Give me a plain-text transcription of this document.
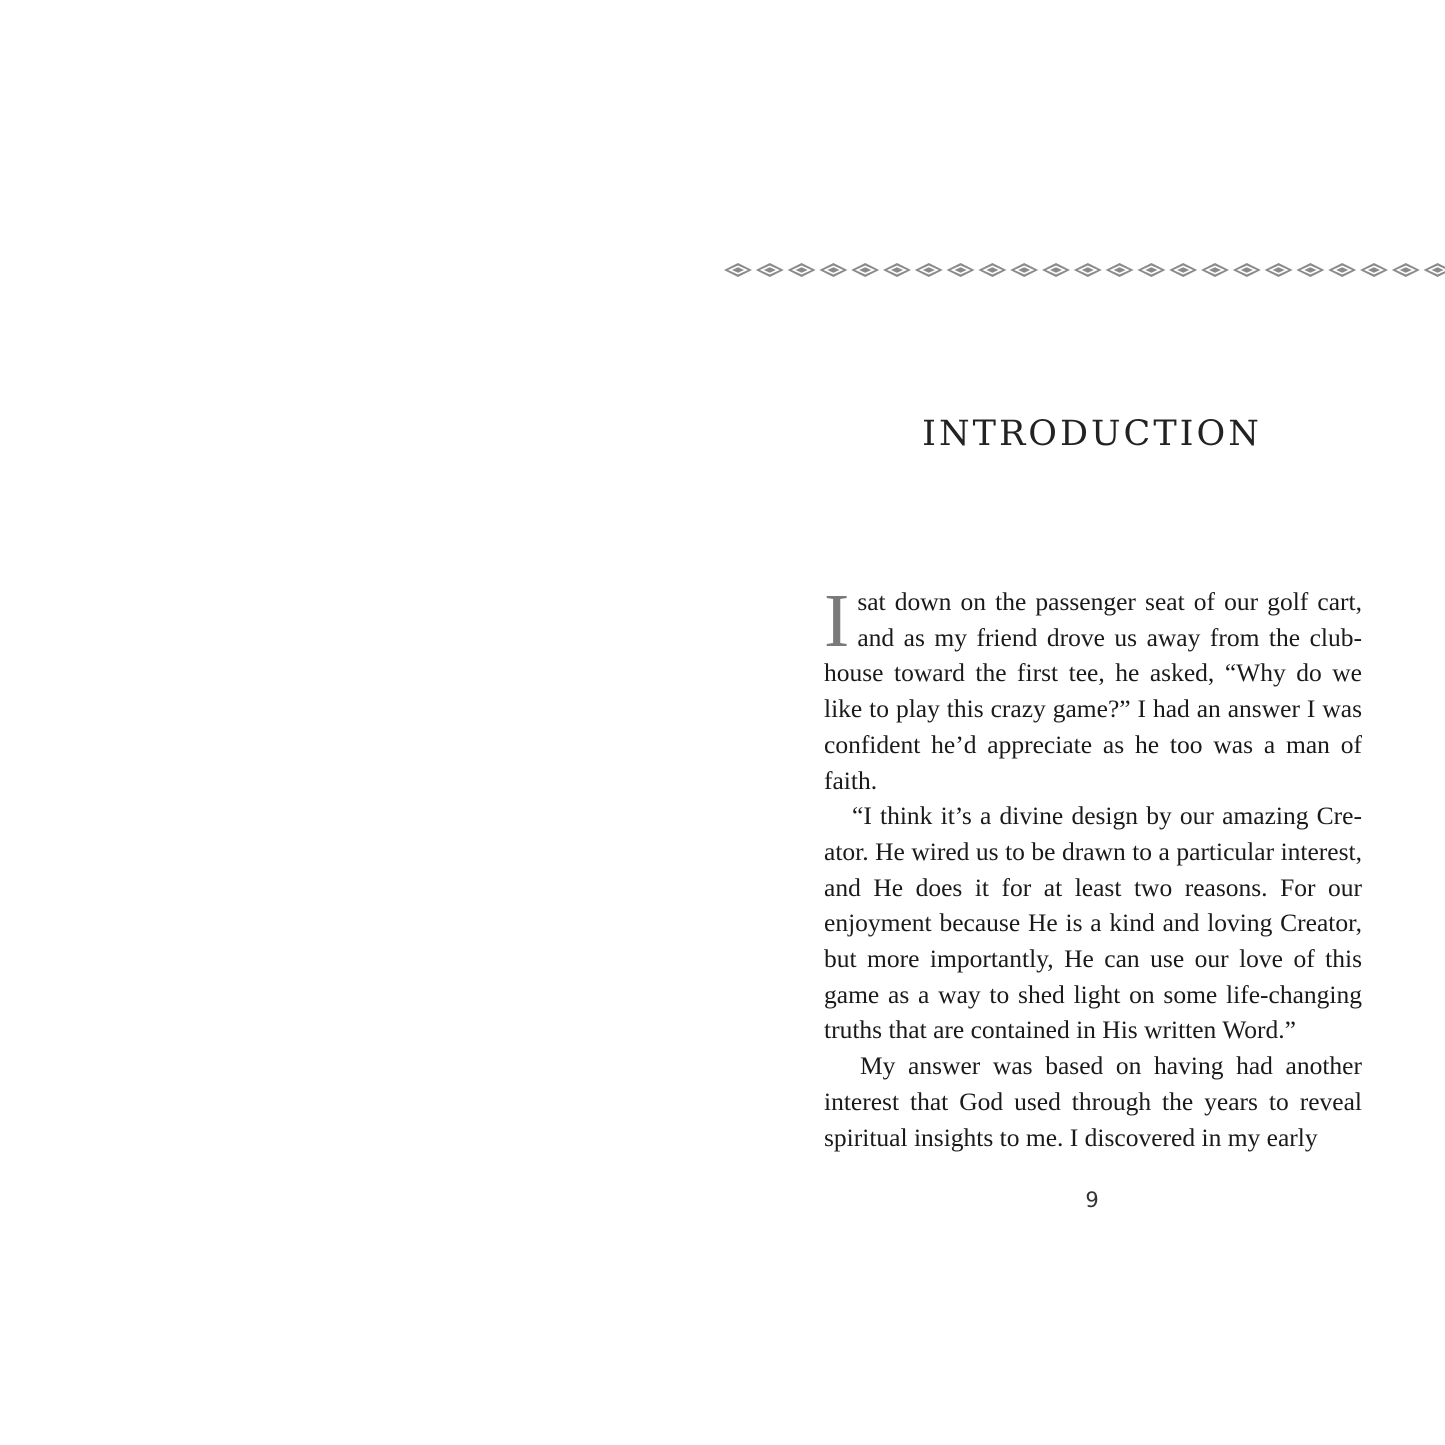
INTRODUCTION

I sat down on the passenger seat of our golf cart, and as my friend drove us away from the clubhouse toward the first tee, he asked, “Why do we like to play this crazy game?” I had an answer I was confident he’d appreciate as he too was a man of faith.

“I think it’s a divine design by our amazing Creator. He wired us to be drawn to a particular interest, and He does it for at least two reasons. For our enjoyment because He is a kind and loving Creator, but more importantly, He can use our love of this game as a way to shed light on some life-changing truths that are contained in His written Word.”

My answer was based on having had another interest that God used through the years to reveal spiritual insights to me. I discovered in my early

9
